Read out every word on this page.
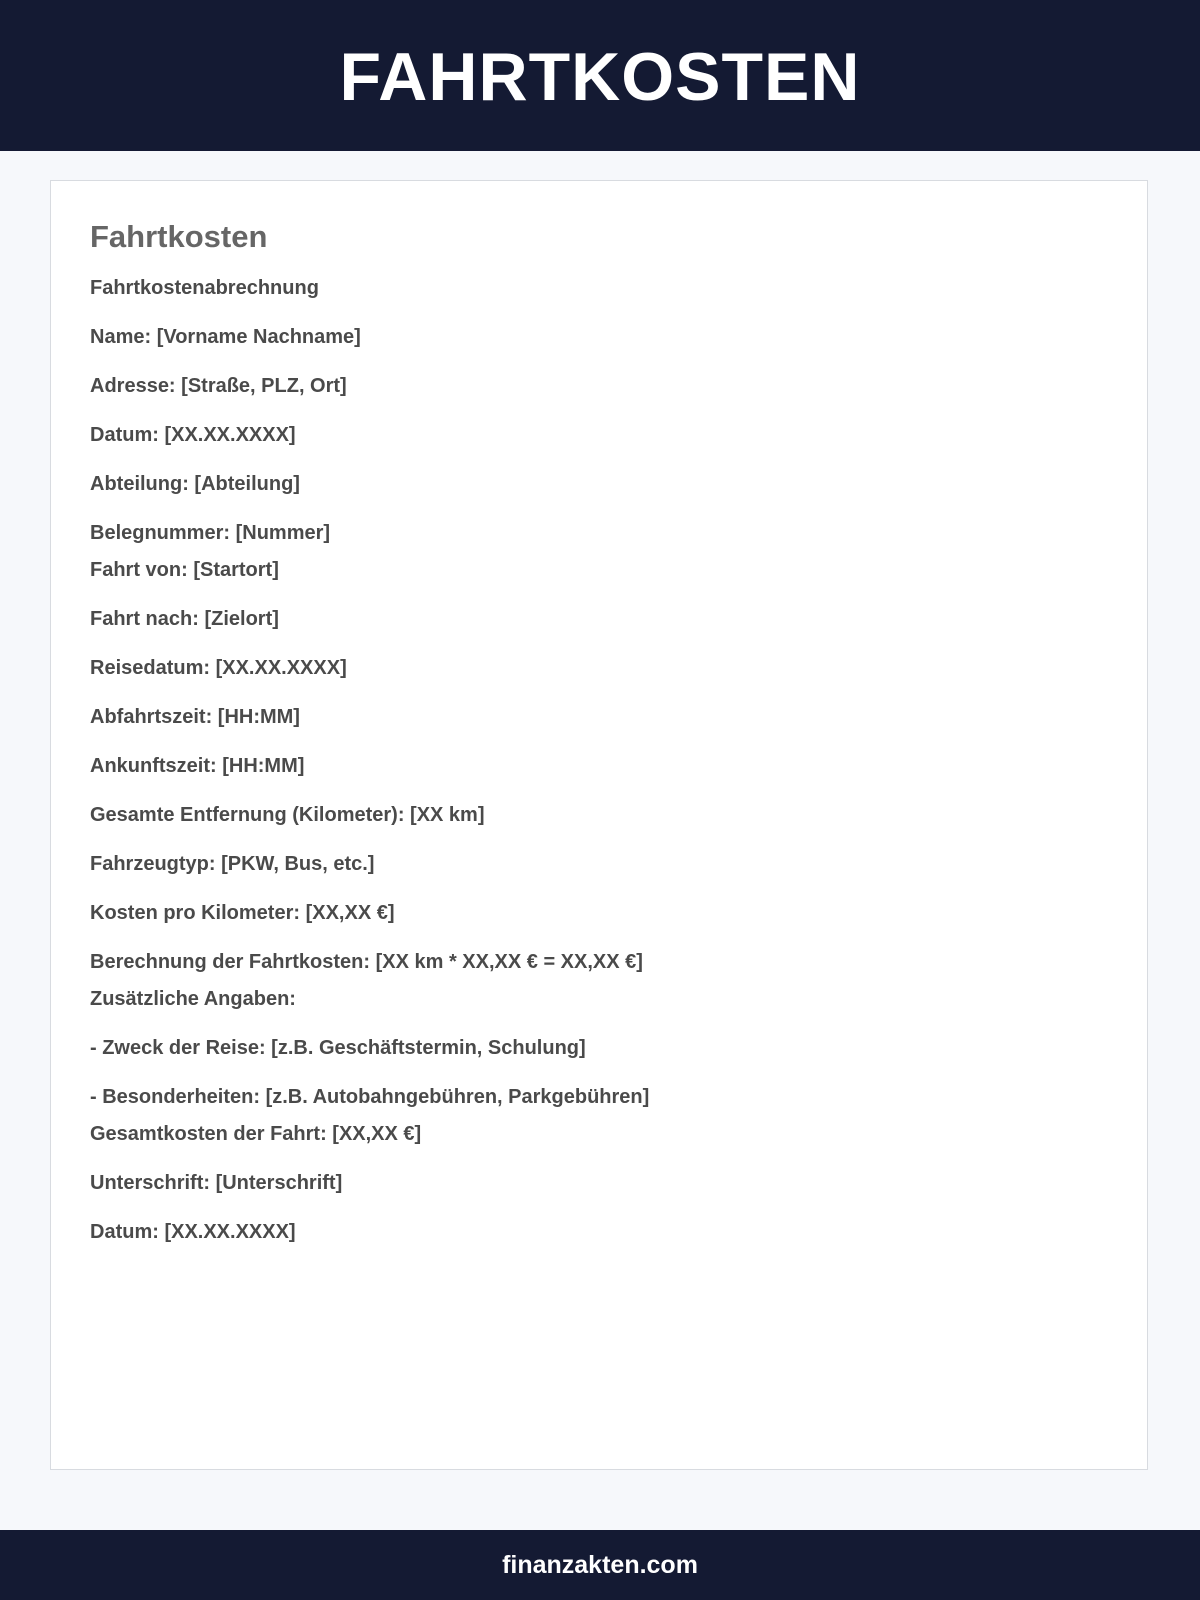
FAHRTKOSTEN
Fahrtkosten
Fahrtkostenabrechnung
Name: [Vorname Nachname]
Adresse: [Straße, PLZ, Ort]
Datum: [XX.XX.XXXX]
Abteilung: [Abteilung]
Belegnummer: [Nummer]
Fahrt von: [Startort]
Fahrt nach: [Zielort]
Reisedatum: [XX.XX.XXXX]
Abfahrtszeit: [HH:MM]
Ankunftszeit: [HH:MM]
Gesamte Entfernung (Kilometer): [XX km]
Fahrzeugtyp: [PKW, Bus, etc.]
Kosten pro Kilometer: [XX,XX €]
Berechnung der Fahrtkosten: [XX km * XX,XX € = XX,XX €]
Zusätzliche Angaben:
- Zweck der Reise: [z.B. Geschäftstermin, Schulung]
- Besonderheiten: [z.B. Autobahngebühren, Parkgebühren]
Gesamtkosten der Fahrt: [XX,XX €]
Unterschrift: [Unterschrift]
Datum: [XX.XX.XXXX]
finanzakten.com
